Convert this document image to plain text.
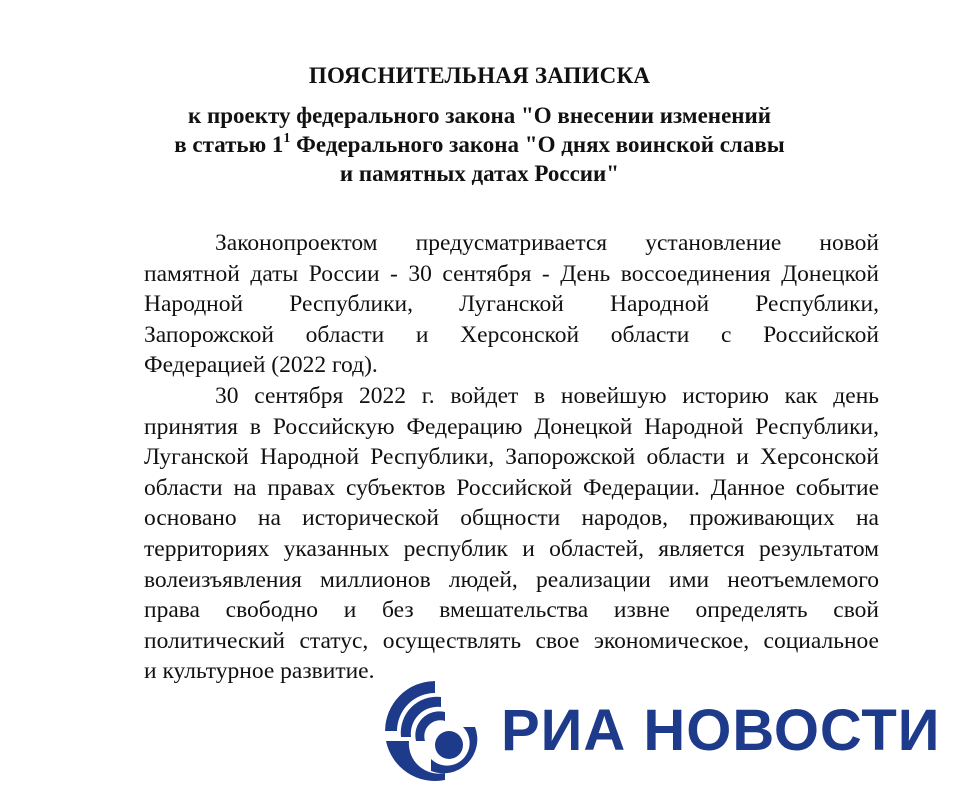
ПОЯСНИТЕЛЬНАЯ ЗАПИСКА
к проекту федерального закона "О внесении изменений
в статью $1^1$ Федерального закона "О днях воинской славы
и памятных датах России"
Законопроектом предусматривается установление новой
памятной даты России - 30 сентября - День воссоединения Донецкой
Народной Республики, Луганской Народной Республики,
Запорожской области и Херсонской области с Российской
Федерацией (2022 год).
30 сентября 2022 г. войдет в новейшую историю как день
принятия в Российскую Федерацию Донецкой Народной Республики,
Луганской Народной Республики, Запорожской области и Херсонской
области на правах субъектов Российской Федерации. Данное событие
основано на исторической общности народов, проживающих на
территориях указанных республик и областей, является результатом
волеизъявления миллионов людей, реализации ими неотъемлемого
права свободно и без вмешательства извне определять свой
политический статус, осуществлять свое экономическое, социальное
и культурное развитие.
РИА НОВОСТИ
